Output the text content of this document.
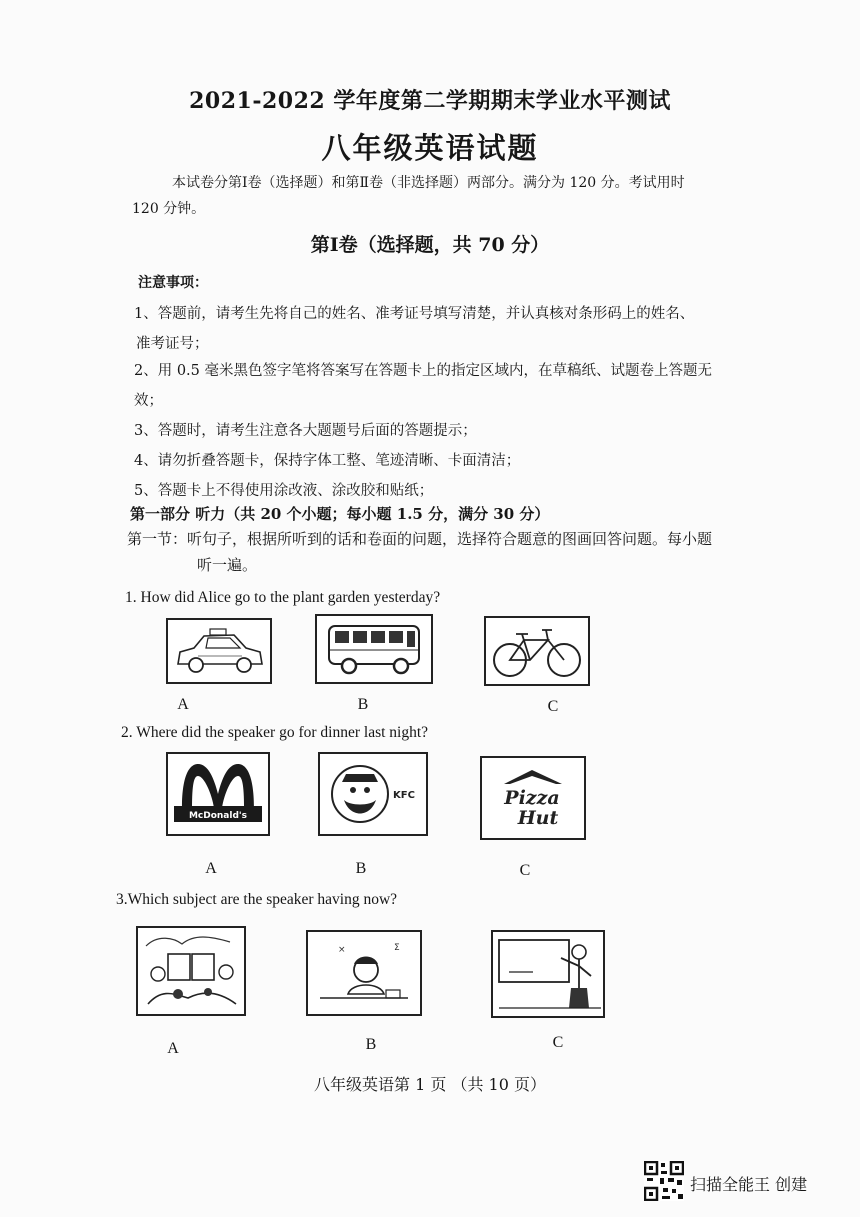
2021-2022 学年度第二学期期末学业水平测试
八年级英语试题
本试卷分第Ⅰ卷（选择题）和第Ⅱ卷（非选择题）两部分。满分为 120 分。考试用时
120 分钟。
第Ⅰ卷（选择题，共 70 分）
注意事项：
1、答题前，请考生先将自己的姓名、准考证号填写清楚，并认真核对条形码上的姓名、
准考证号；
2、用 0.5 毫米黑色签字笔将答案写在答题卡上的指定区域内，在草稿纸、试题卷上答题无
效；
3、答题时，请考生注意各大题题号后面的答题提示；
4、请勿折叠答题卡，保持字体工整、笔迹清晰、卡面清洁；
5、答题卡上不得使用涂改液、涂改胶和贴纸；
第一部分 听力（共 20 个小题；每小题 1.5 分，满分 30 分）
第一节：听句子，根据所听到的话和卷面的问题，选择符合题意的图画回答问题。每小题
听一遍。
1. How did Alice go to the plant garden yesterday?
A	B	C
2. Where did the speaker go for dinner last night?
McDonald's
KFC	Pizza
Hut
A	B	C
3.Which subject are the speaker having now?
×	Σ
A	B	C
八年级英语第 1 页 （共 10 页）
扫描全能王 创建
